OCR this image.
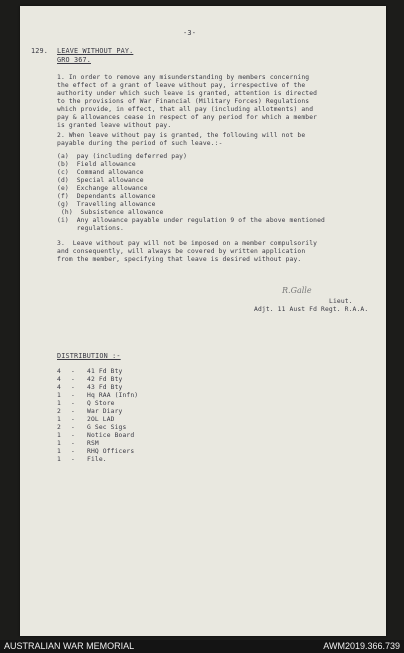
-3-
129. LEAVE WITHOUT PAY.
GRO 367.
1. In order to remove any misunderstanding by members concerning
the effect of a grant of leave without pay, irrespective of the
authority under which such leave is granted, attention is directed
to the provisions of War Financial (Military Forces) Regulations
which provide, in effect, that all pay (including allotments) and
pay & allowances cease in respect of any period for which a member
is granted leave without pay.
2. When leave without pay is granted, the following will not be
payable during the period of such leave.:-
(a)  pay (including deferred pay)
(b)  Field allowance
(c)  Command allowance
(d)  Special allowance
(e)  Exchange allowance
(f)  Dependants allowance
(g)  Travelling allowance
(h)  Subsistence allowance
(i)  Any allowance payable under regulation 9 of the above mentioned
regulations.
3.  Leave without pay will not be imposed on a member compulsorily
and consequently, will always be covered by written application
from the member, specifying that leave is desired without pay.
R.Galle
Lieut.
Adjt. 11 Aust Fd Regt. R.A.A.
DISTRIBUTION :-
4 - 41 Fd Bty
4 - 42 Fd Bty
4 - 43 Fd Bty
1 - Hq RAA (Infn)
1 - Q Store
2 - War Diary
1 - 2OL LAD
2 - G Sec Sigs
1 - Notice Board
1 - RSM
1 - RHQ Officers
1 - File.
AUSTRALIAN WAR MEMORIAL	AWM2019.366.739
